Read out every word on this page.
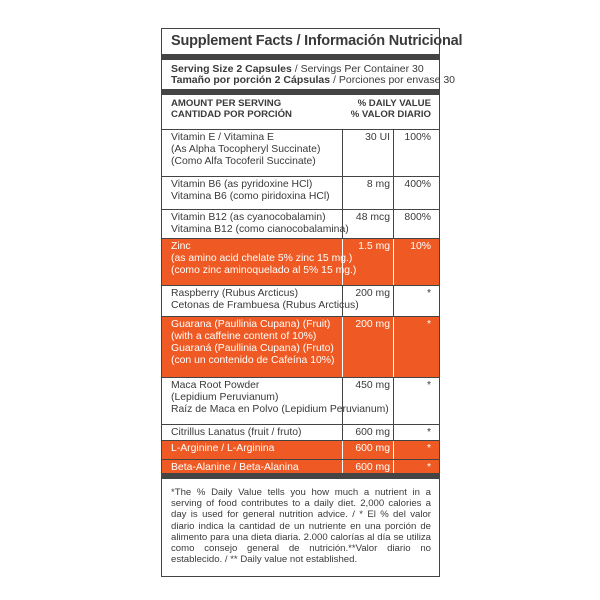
Supplement Facts / Información Nutricional
Serving Size 2 Capsules / Servings Per Container 30
Tamaño por porción 2 Cápsulas / Porciones por envase 30
AMOUNT PER SERVING
CANTIDAD POR PORCIÓN
% DAILY VALUE
% VALOR DIARIO
Vitamin E / Vitamina E
(As Alpha Tocopheryl Succinate)
(Como Alfa Tocoferil Succinate)
30 UI	100%
Vitamin B6 (as pyridoxine HCl)
Vitamina B6 (como piridoxina HCl)
8 mg	400%
Vitamin B12 (as cyanocobalamin)
Vitamina B12 (como cianocobalamina)
48 mcg	800%
Zinc
(as amino acid chelate 5% zinc 15 mg.)
(como zinc aminoquelado al 5% 15 mg.)
1.5 mg	10%
Raspberry (Rubus Arcticus)
Cetonas de Frambuesa (Rubus Arcticus)
200 mg	*
Guarana (Paullinia Cupana) (Fruit)
(with a caffeine content of 10%)
Guaraná (Paullinia Cupana) (Fruto)
(con un contenido de Cafeína 10%)
200 mg	*
Maca Root Powder
(Lepidium Peruvianum)
Raíz de Maca en Polvo (Lepidium Peruvianum)
450 mg	*
Citrillus Lanatus (fruit / fruto)	600 mg	*
L-Arginine / L-Arginina	600 mg	*
Beta-Alanine / Beta-Alanina	600 mg	*
*The % Daily Value tells you how much a nutrient in a serving of food contributes to a daily diet. 2,000 calories a day is used for general nutrition advice. / * El % del valor diario indica la cantidad de un nutriente en una porción de alimento para una dieta diaria. 2.000 calorías al día se utiliza como consejo general de nutrición.**Valor diario no establecido. / ** Daily value not established.
